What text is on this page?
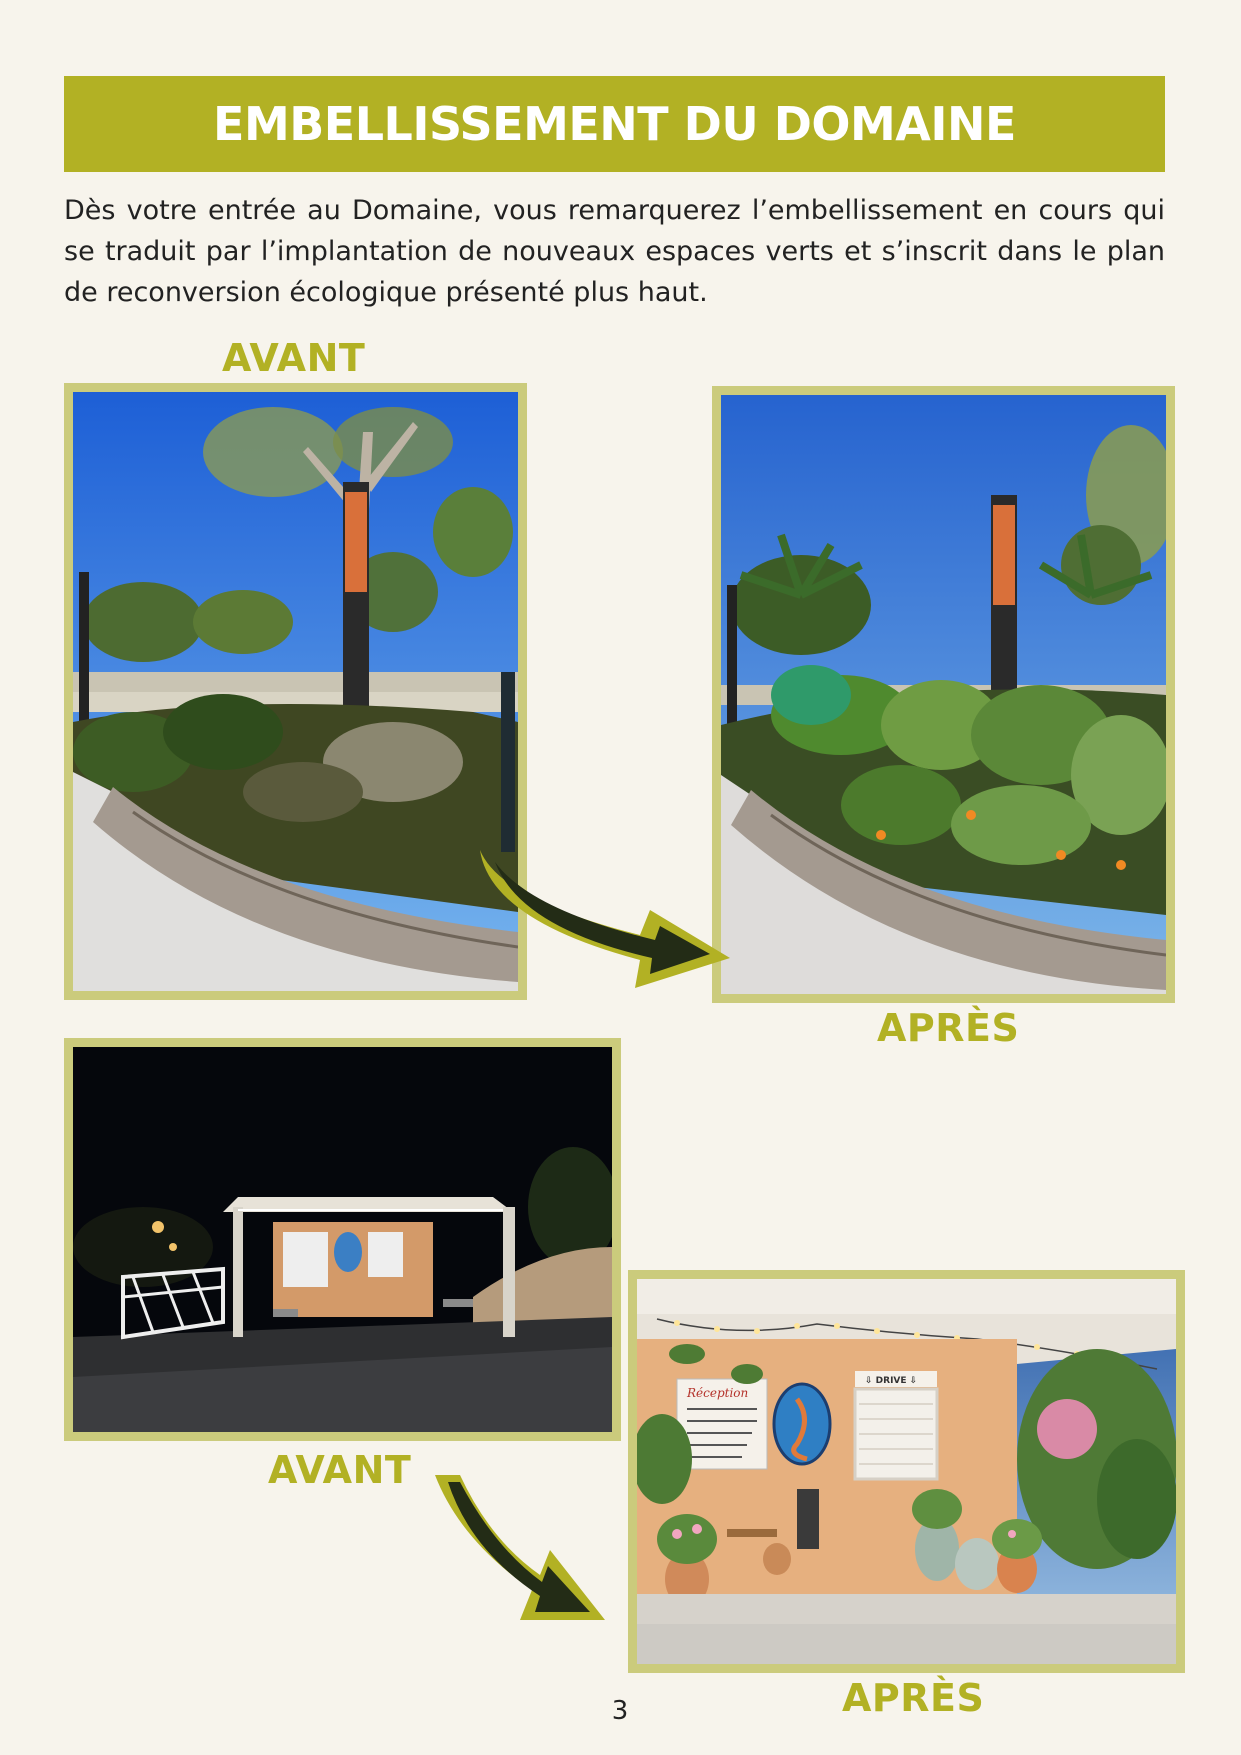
EMBELLISSEMENT DU DOMAINE

Dès votre entrée au Domaine, vous remarquerez l’embellissement en cours qui se traduit par l’implantation de nouveaux espaces verts et s’inscrit dans le plan de reconversion écologique présenté plus haut.

AVANT
APRÈS
AVANT
Réception
⇩ DRIVE ⇩
APRÈS
3
